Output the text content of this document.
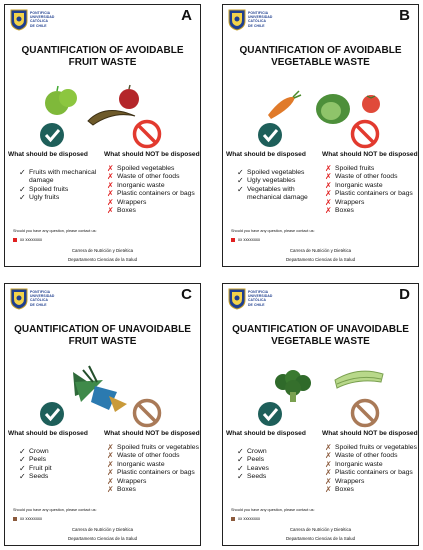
PONTIFICIA
UNIVERSIDAD
CATÓLICA
DE CHILE
A
QUANTIFICATION OF AVOIDABLE
FRUIT WASTE
What should be disposed What should NOT be disposed
✓ Fruits with mechanical damage
✓ Spoiled fruits
✓ Ugly fruits
✗ Spoiled vegetables
✗ Waste of other foods
✗ Inorganic waste
✗ Plastic containers or bags
✗ Wrappers
✗ Boxes
Should you have any question, please contact us:
xx xxxxxxxx
Carrera de Nutrición y Dietética
Departamento Ciencias de la Salud
PONTIFICIA
UNIVERSIDAD
CATÓLICA
DE CHILE
B
QUANTIFICATION OF AVOIDABLE
VEGETABLE WASTE
What should be disposed What should NOT be disposed
✓ Spoiled vegetables
✓ Ugly vegetables
✓ Vegetables with mechanical damage
✗ Spoiled fruits
✗ Waste of other foods
✗ Inorganic waste
✗ Plastic containers or bags
✗ Wrappers
✗ Boxes
Should you have any question, please contact us:
xx xxxxxxxx
Carrera de Nutrición y Dietética
Departamento Ciencias de la Salud
PONTIFICIA
UNIVERSIDAD
CATÓLICA
DE CHILE
C
QUANTIFICATION OF UNAVOIDABLE
FRUIT WASTE
What should be disposed What should NOT be disposed
✓ Crown
✓ Peels
✓ Fruit pit
✓ Seeds
✗ Spoiled fruits or vegetables
✗ Waste of other foods
✗ Inorganic waste
✗ Plastic containers or bags
✗ Wrappers
✗ Boxes
Should you have any question, please contact us:
xx xxxxxxxx
Carrera de Nutrición y Dietética
Departamento Ciencias de la Salud
PONTIFICIA
UNIVERSIDAD
CATÓLICA
DE CHILE
D
QUANTIFICATION OF UNAVOIDABLE
VEGETABLE WASTE
What should be disposed What should NOT be disposed
✓ Crown
✓ Peels
✓ Leaves
✓ Seeds
✗ Spoiled fruits or vegetables
✗ Waste of other foods
✗ Inorganic waste
✗ Plastic containers or bags
✗ Wrappers
✗ Boxes
Should you have any question, please contact us:
xx xxxxxxxx
Carrera de Nutrición y Dietética
Departamento Ciencias de la Salud
